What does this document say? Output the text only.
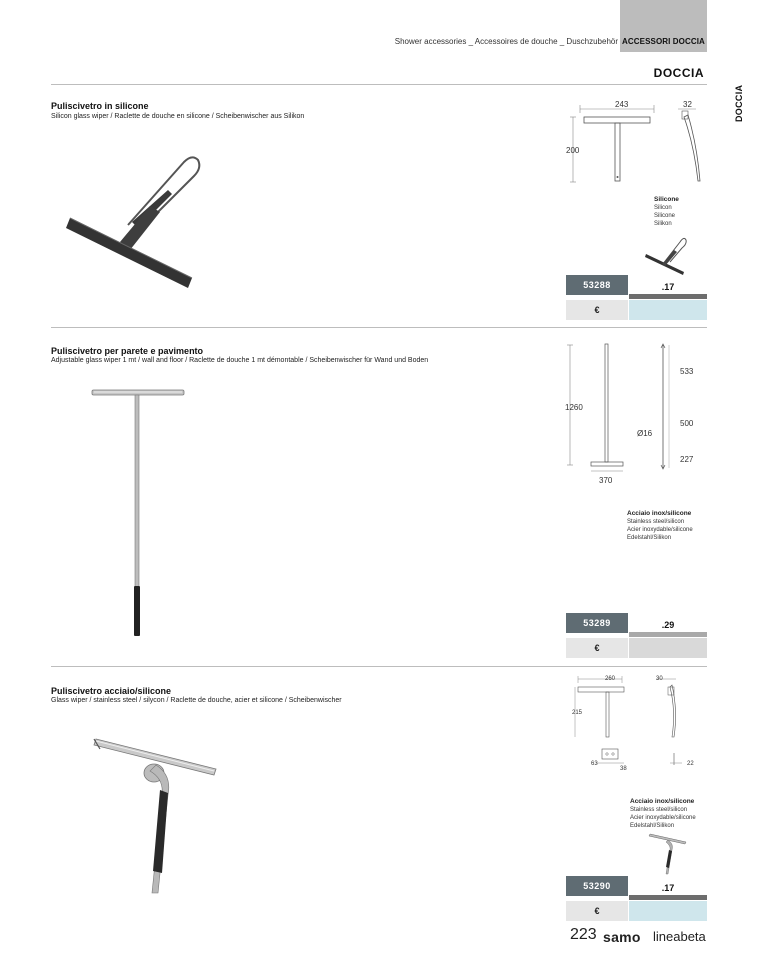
Shower accessories _ Accessoires de douche _ Duschzubehör ACCESSORI DOCCIA
DOCCIA
DOCCIA
Puliscivetro in silicone
Silicon glass wiper / Raclette de douche en silicone / Scheibenwischer aus Silikon
243	32
200
Silicone
Silicon
Silicone
Silikon
53288	.17
€
Puliscivetro per parete e pavimento
Adjustable glass wiper 1 mt / wall and floor / Raclette de douche 1 mt démontable / Scheibenwischer für Wand und Boden
533
1260
500
Ø16
227
370
Acciaio inox/silicone
Stainless steel/silicon
Acier inoxydable/silicone
Edelstahl/Silikon
53289	.29
€
Puliscivetro acciaio/silicone
Glass wiper / stainless steel / silycon / Raclette de douche, acier et silicone / Scheibenwischer
260	30
215
63
38
22
Acciaio inox/silicone
Stainless steel/silicon
Acier inoxydable/silicone
Edelstahl/Silikon
53290	.17
€
223 samo lineabeta
